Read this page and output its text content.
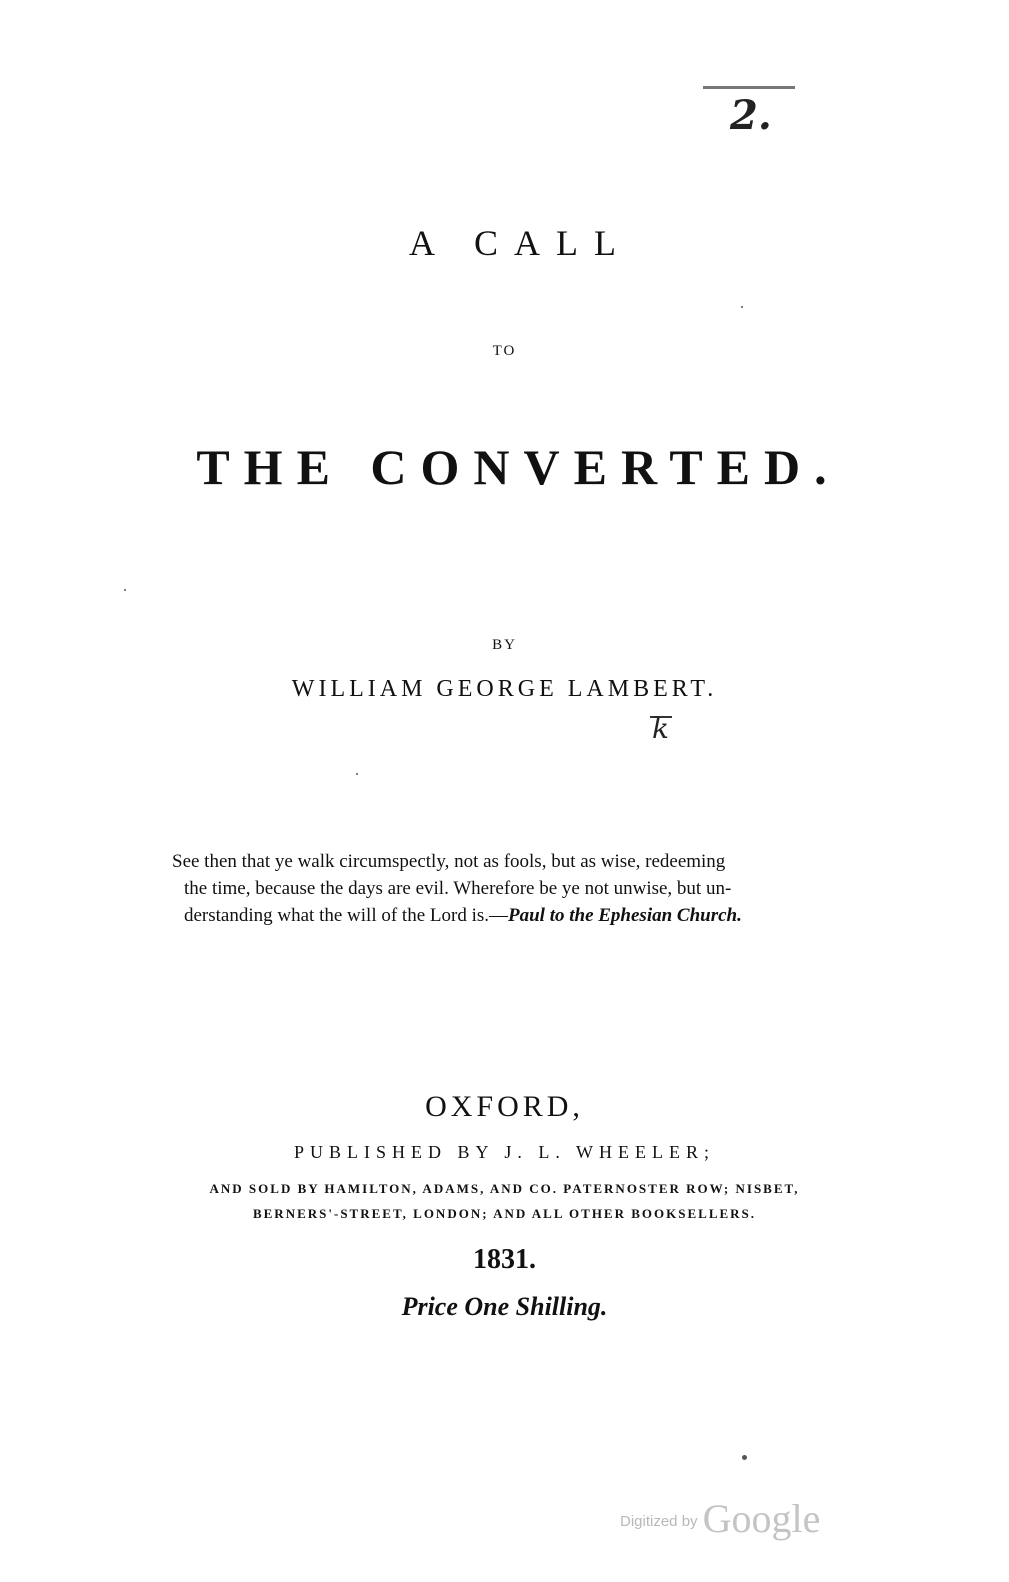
2.
A CALL
TO
THE CONVERTED.
BY
WILLIAM GEORGE LAMBERT.
k
See then that ye walk circumspectly, not as fools, but as wise, redeeming
the time, because the days are evil. Wherefore be ye not unwise, but un-
derstanding what the will of the Lord is.—Paul to the Ephesian Church.
OXFORD,
PUBLISHED BY J. L. WHEELER;
AND SOLD BY HAMILTON, ADAMS, AND CO. PATERNOSTER ROW; NISBET,
BERNERS'-STREET, LONDON; AND ALL OTHER BOOKSELLERS.
1831.
Price One Shilling.
Digitized by Google
